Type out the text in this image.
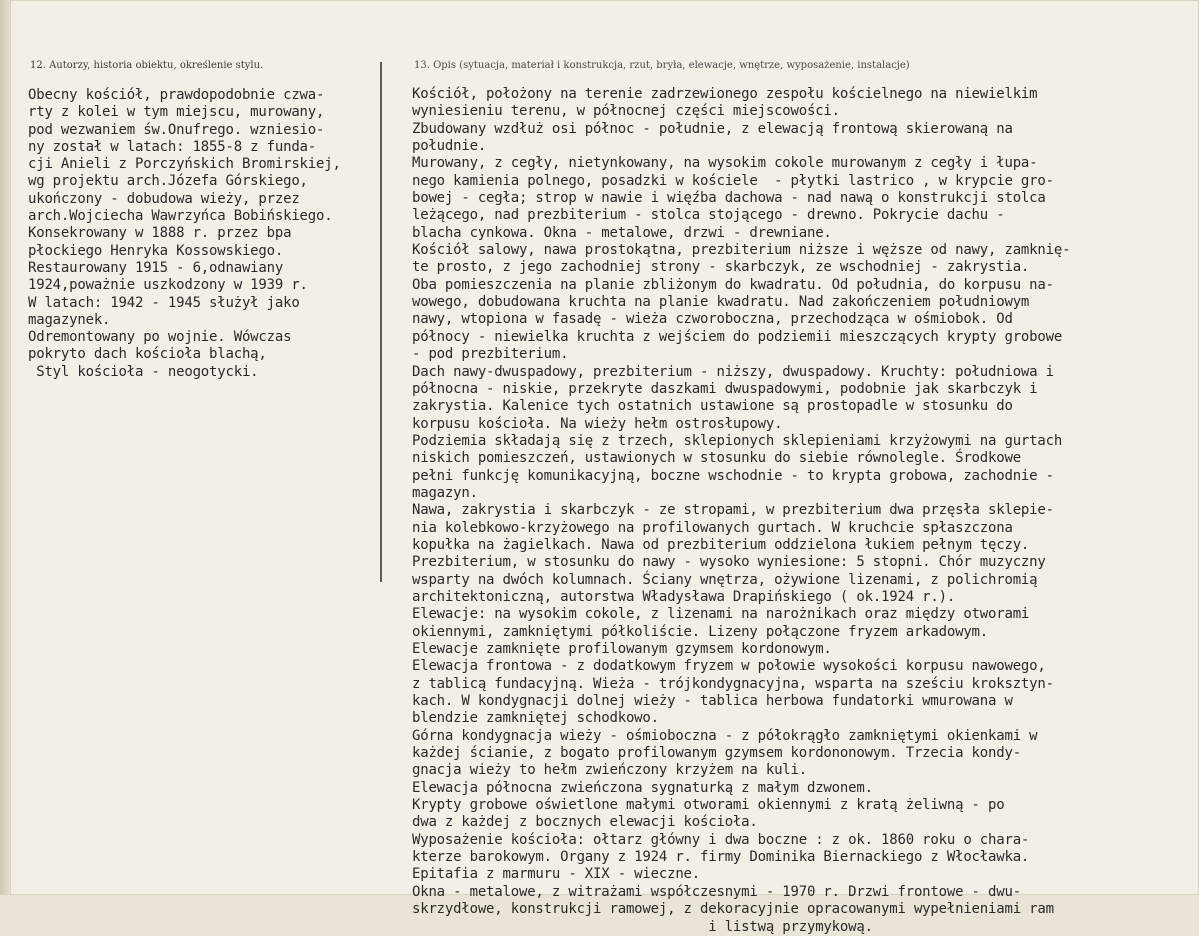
12. Autorzy, historia obiektu, określenie stylu.	13. Opis (sytuacja, materiał i konstrukcja, rzut, bryła, elewacje, wnętrze, wyposażenie, instalacje)
Obecny kościół, prawdopodobnie czwa-
rty z kolei w tym miejscu, murowany,
pod wezwaniem św.Onufrego. wzniesio-
ny został w latach: 1855-8 z funda-
cji Anieli z Porczyńskich Bromirskiej,
wg projektu arch.Józefa Górskiego,
ukończony - dobudowa wieży, przez
arch.Wojciecha Wawrzyńca Bobińskiego.
Konsekrowany w 1888 r. przez bpa
płockiego Henryka Kossowskiego.
Restaurowany 1915 - 6,odnawiany
1924,poważnie uszkodzony w 1939 r.
W latach: 1942 - 1945 służył jako
magazynek.
Odremontowany po wojnie. Wówczas
pokryto dach kościoła blachą,
Styl kościoła - neogotycki.
Kościół, położony na terenie zadrzewionego zespołu kościelnego na niewielkim
wyniesieniu terenu, w północnej części miejscowości.
Zbudowany wzdłuż osi północ - południe, z elewacją frontową skierowaną na
południe.
Murowany, z cegły, nietynkowany, na wysokim cokole murowanym z cegły i łupa-
nego kamienia polnego, posadzki w kościele  - płytki lastrico , w krypcie gro-
bowej - cegła; strop w nawie i więźba dachowa - nad nawą o konstrukcji stolca
leżącego, nad prezbiterium - stolca stojącego - drewno. Pokrycie dachu -
blacha cynkowa. Okna - metalowe, drzwi - drewniane.
Kościół salowy, nawa prostokątna, prezbiterium niższe i węższe od nawy, zamknię-
te prosto, z jego zachodniej strony - skarbczyk, ze wschodniej - zakrystia.
Oba pomieszczenia na planie zbliżonym do kwadratu. Od południa, do korpusu na-
wowego, dobudowana kruchta na planie kwadratu. Nad zakończeniem południowym
nawy, wtopiona w fasadę - wieża czworoboczna, przechodząca w ośmiobok. Od
północy - niewielka kruchta z wejściem do podziemii mieszczących krypty grobowe
- pod prezbiterium.
Dach nawy-dwuspadowy, prezbiterium - niższy, dwuspadowy. Kruchty: południowa i
północna - niskie, przekryte daszkami dwuspadowymi, podobnie jak skarbczyk i
zakrystia. Kalenice tych ostatnich ustawione są prostopadle w stosunku do
korpusu kościoła. Na wieży hełm ostrosłupowy.
Podziemia składają się z trzech, sklepionych sklepieniami krzyżowymi na gurtach
niskich pomieszczeń, ustawionych w stosunku do siebie równolegle. Środkowe
pełni funkcję komunikacyjną, boczne wschodnie - to krypta grobowa, zachodnie -
magazyn.
Nawa, zakrystia i skarbczyk - ze stropami, w prezbiterium dwa przęsła sklepie-
nia kolebkowo-krzyżowego na profilowanych gurtach. W kruchcie spłaszczona
kopułka na żagielkach. Nawa od prezbiterium oddzielona łukiem pełnym tęczy.
Prezbiterium, w stosunku do nawy - wysoko wyniesione: 5 stopni. Chór muzyczny
wsparty na dwóch kolumnach. Ściany wnętrza, ożywione lizenami, z polichromią
architektoniczną, autorstwa Władysława Drapińskiego ( ok.1924 r.).
Elewacje: na wysokim cokole, z lizenami na narożnikach oraz między otworami
okiennymi, zamkniętymi półkoliście. Lizeny połączone fryzem arkadowym.
Elewacje zamknięte profilowanym gzymsem kordonowym.
Elewacja frontowa - z dodatkowym fryzem w połowie wysokości korpusu nawowego,
z tablicą fundacyjną. Wieża - trójkondygnacyjna, wsparta na sześciu kroksztyn-
kach. W kondygnacji dolnej wieży - tablica herbowa fundatorki wmurowana w
blendzie zamkniętej schodkowo.
Górna kondygnacja wieży - ośmioboczna - z półokrągło zamkniętymi okienkami w
każdej ścianie, z bogato profilowanym gzymsem kordononowym. Trzecia kondy-
gnacja wieży to hełm zwieńczony krzyżem na kuli.
Elewacja północna zwieńczona sygnaturką z małym dzwonem.
Krypty grobowe oświetlone małymi otworami okiennymi z kratą żeliwną - po
dwa z każdej z bocznych elewacji kościoła.
Wyposażenie kościoła: ołtarz główny i dwa boczne : z ok. 1860 roku o chara-
kterze barokowym. Organy z 1924 r. firmy Dominika Biernackiego z Włocławka.
Epitafia z marmuru - XIX - wieczne.
Okna - metalowe, z witrażami współczesnymi - 1970 r. Drzwi frontowe - dwu-
skrzydłowe, konstrukcji ramowej, z dekoracyjnie opracowanymi wypełnieniami ram
i listwą przymykową.
